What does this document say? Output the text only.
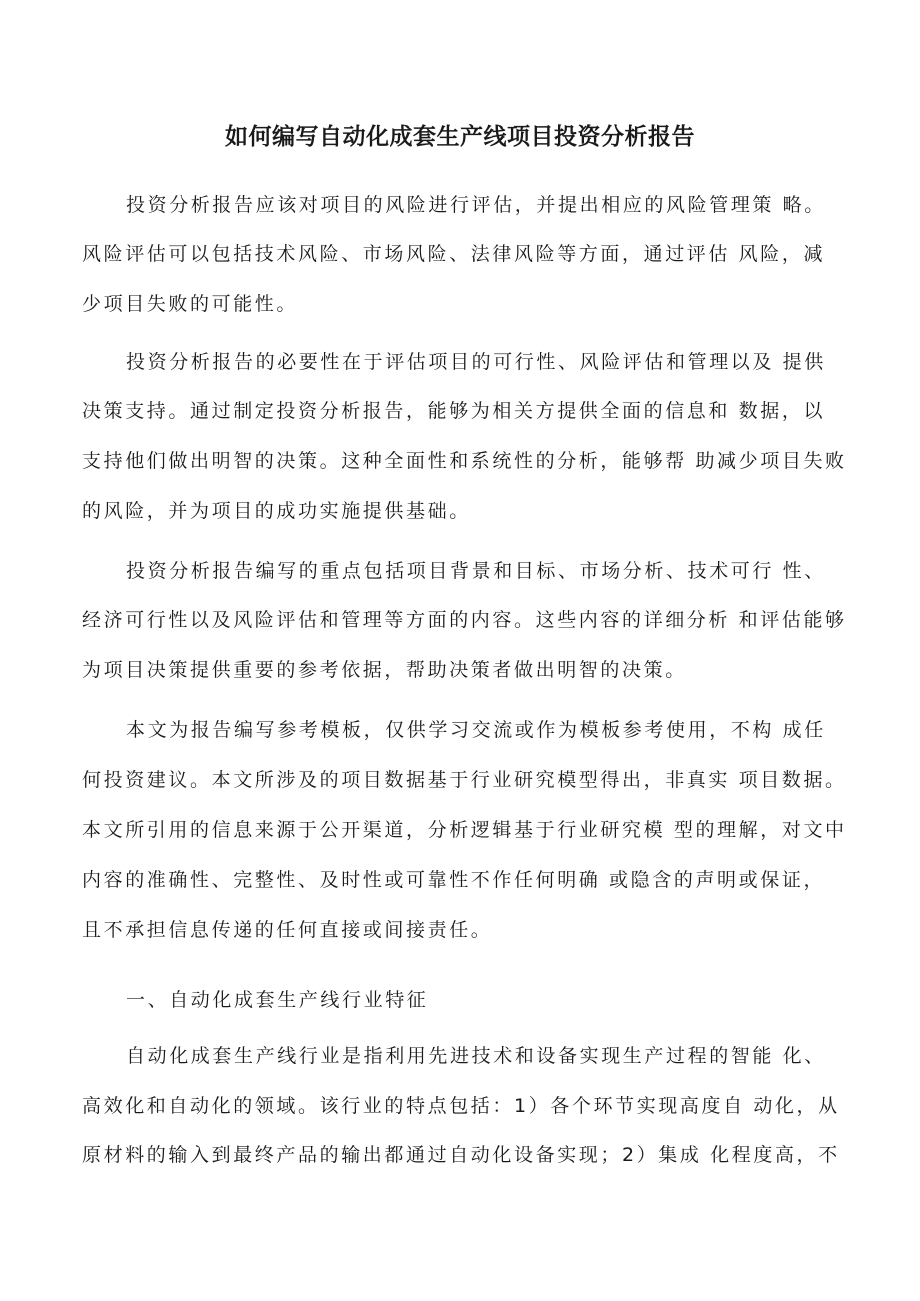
如何编写自动化成套生产线项目投资分析报告
投资分析报告应该对项目的风险进行评估，并提出相应的风险管理策 略。
风险评估可以包括技术风险、市场风险、法律风险等方面，通过评估 风险，减
少项目失败的可能性。
投资分析报告的必要性在于评估项目的可行性、风险评估和管理以及 提供
决策支持。通过制定投资分析报告，能够为相关方提供全面的信息和 数据，以
支持他们做出明智的决策。这种全面性和系统性的分析，能够帮 助减少项目失败
的风险，并为项目的成功实施提供基础。
投资分析报告编写的重点包括项目背景和目标、市场分析、技术可行 性、
经济可行性以及风险评估和管理等方面的内容。这些内容的详细分析 和评估能够
为项目决策提供重要的参考依据，帮助决策者做出明智的决策。
本文为报告编写参考模板，仅供学习交流或作为模板参考使用，不构 成任
何投资建议。本文所涉及的项目数据基于行业研究模型得出，非真实 项目数据。
本文所引用的信息来源于公开渠道，分析逻辑基于行业研究模 型的理解，对文中
内容的准确性、完整性、及时性或可靠性不作任何明确 或隐含的声明或保证，
且不承担信息传递的任何直接或间接责任。
一、自动化成套生产线行业特征
自动化成套生产线行业是指利用先进技术和设备实现生产过程的智能 化、
高效化和自动化的领域。该行业的特点包括：1）各个环节实现高度自 动化，从
原材料的输入到最终产品的输出都通过自动化设备实现；2）集成 化程度高，不
